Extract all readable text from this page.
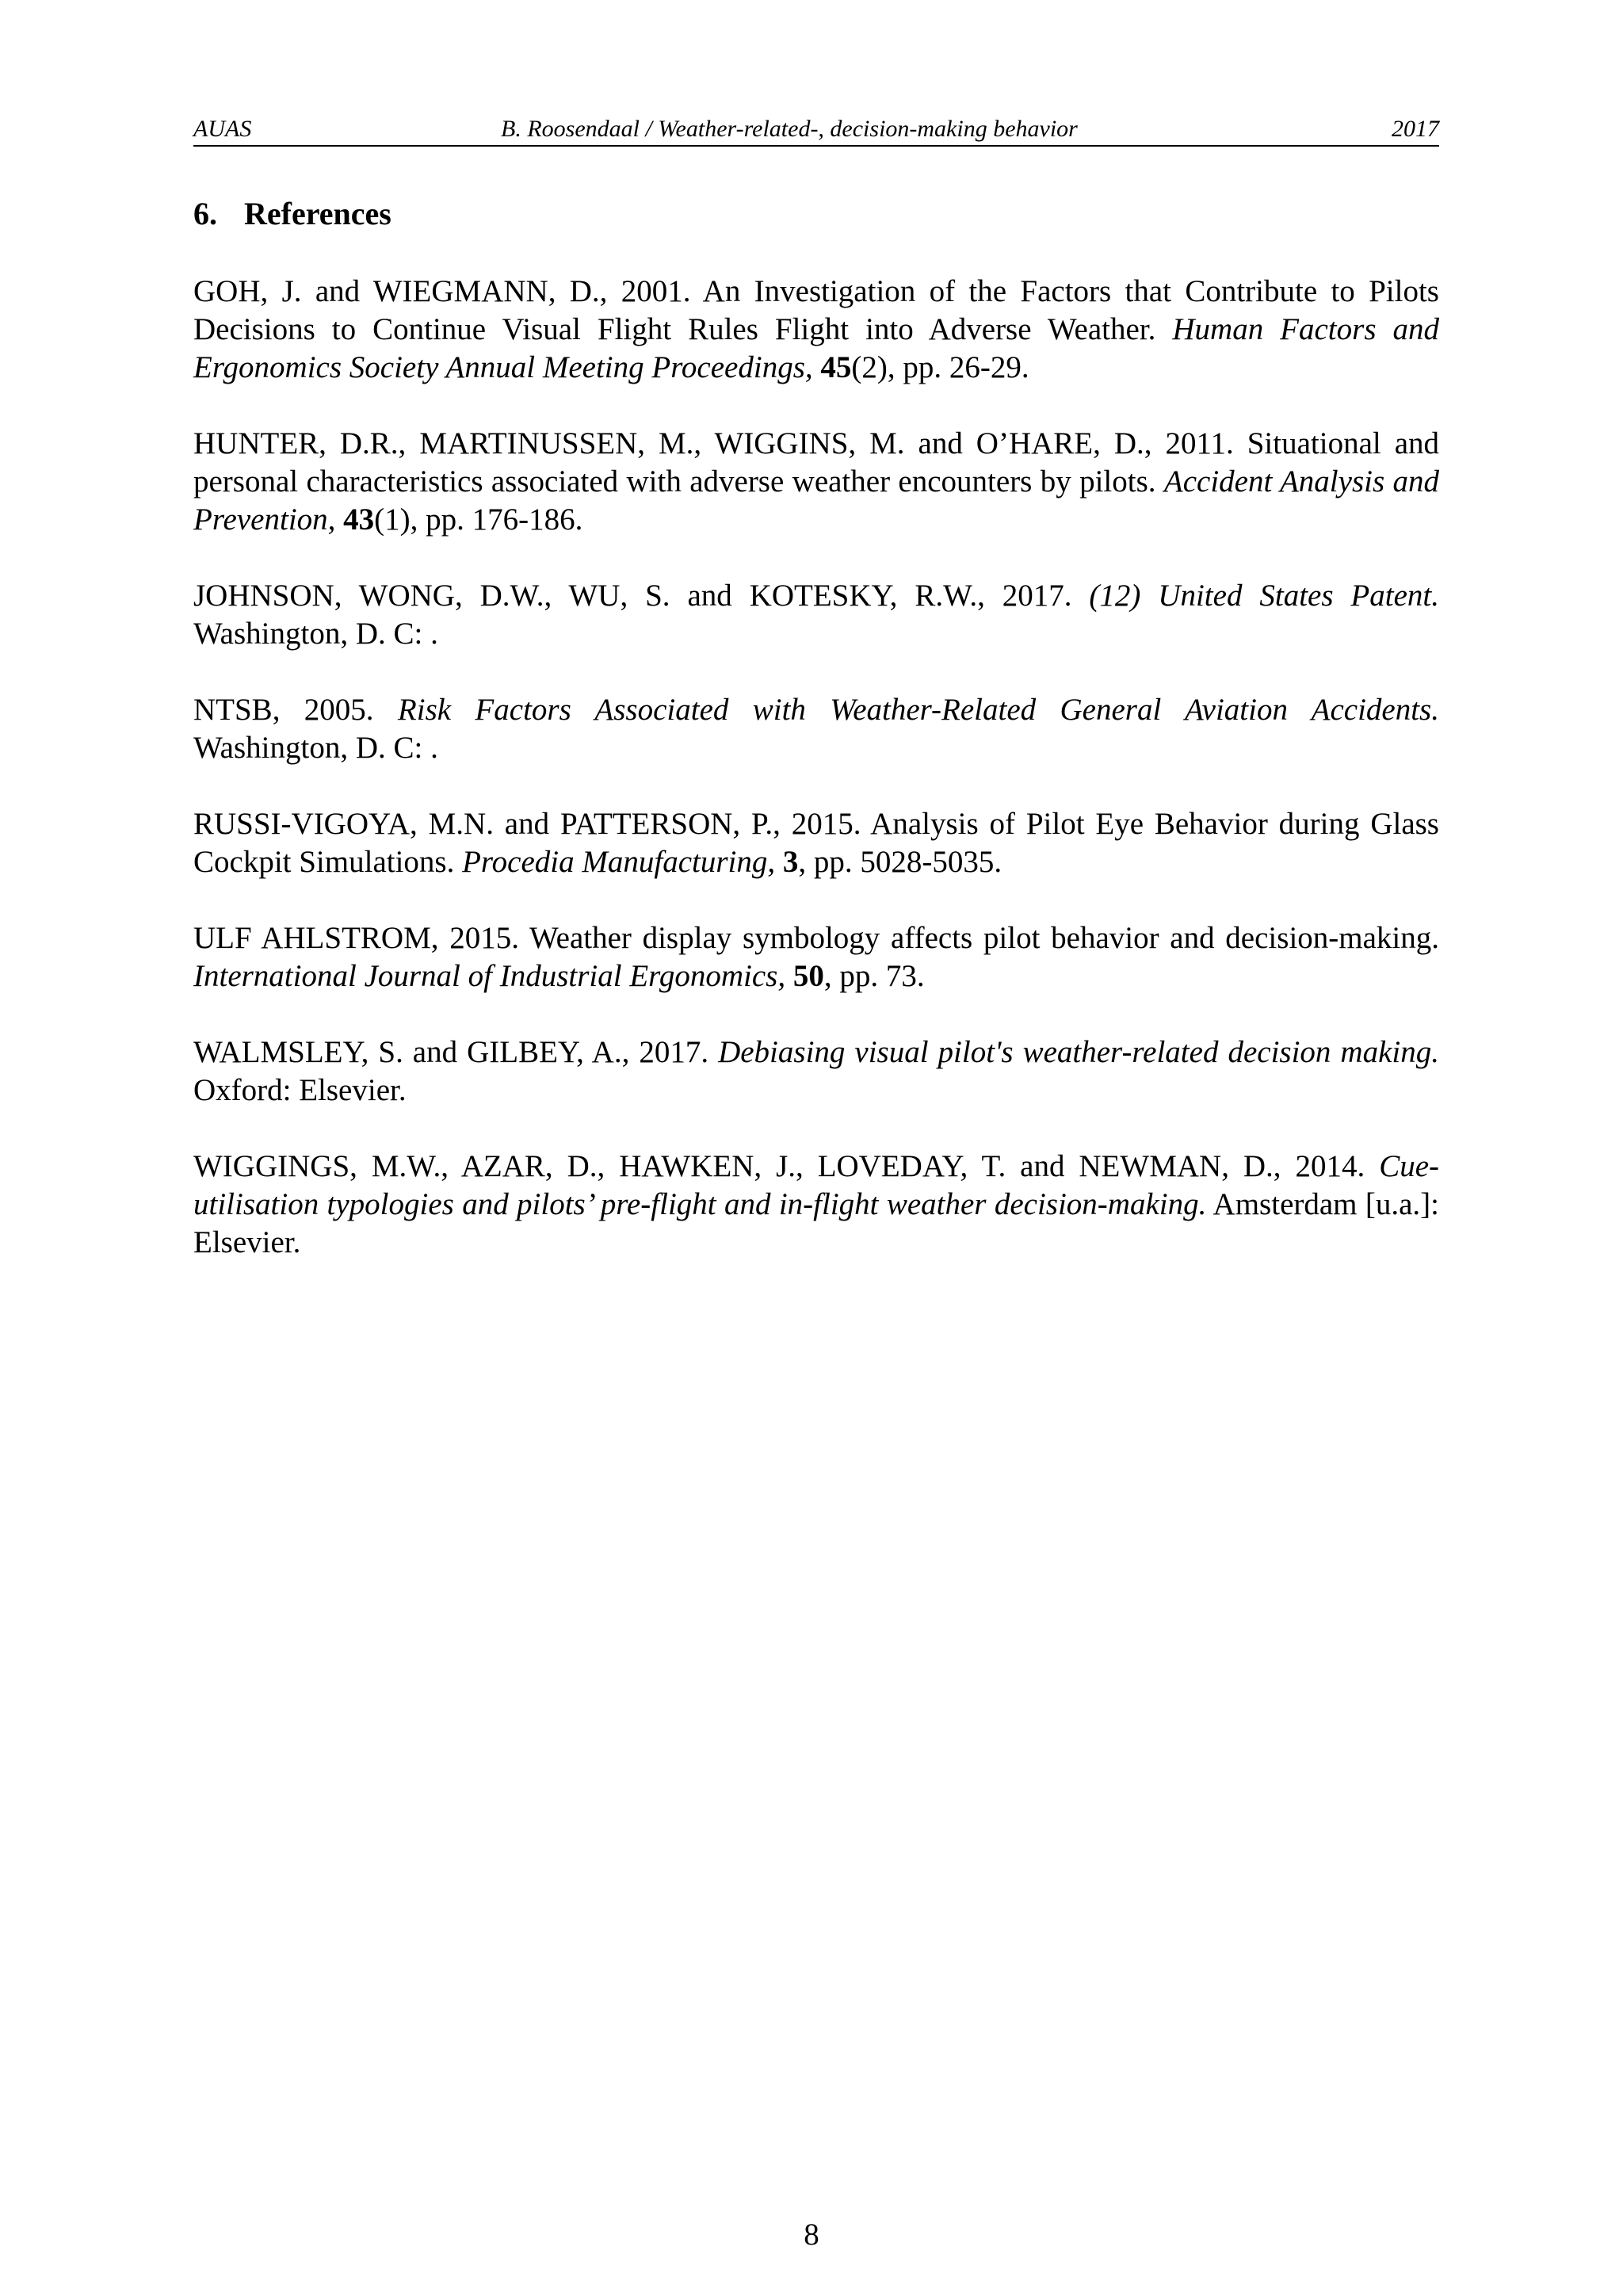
AUAS	B. Roosendaal / Weather-related-, decision-making behavior	2017
6. References

GOH, J. and WIEGMANN, D., 2001. An Investigation of the Factors that Contribute to Pilots Decisions to Continue Visual Flight Rules Flight into Adverse Weather. Human Factors and Ergonomics Society Annual Meeting Proceedings, 45(2), pp. 26-29.

HUNTER, D.R., MARTINUSSEN, M., WIGGINS, M. and O’HARE, D., 2011. Situational and personal characteristics associated with adverse weather encounters by pilots. Accident Analysis and Prevention, 43(1), pp. 176-186.

JOHNSON, WONG, D.W., WU, S. and KOTESKY, R.W., 2017. (12) United States Patent. Washington, D. C: .

NTSB, 2005. Risk Factors Associated with Weather-Related General Aviation Accidents. Washington, D. C: .

RUSSI-VIGOYA, M.N. and PATTERSON, P., 2015. Analysis of Pilot Eye Behavior during Glass Cockpit Simulations. Procedia Manufacturing, 3, pp. 5028-5035.

ULF AHLSTROM, 2015. Weather display symbology affects pilot behavior and decision-making. International Journal of Industrial Ergonomics, 50, pp. 73.

WALMSLEY, S. and GILBEY, A., 2017. Debiasing visual pilot's weather-related decision making. Oxford: Elsevier.

WIGGINGS, M.W., AZAR, D., HAWKEN, J., LOVEDAY, T. and NEWMAN, D., 2014. Cue-utilisation typologies and pilots’ pre-flight and in-flight weather decision-making. Amsterdam [u.a.]: Elsevier.

8
